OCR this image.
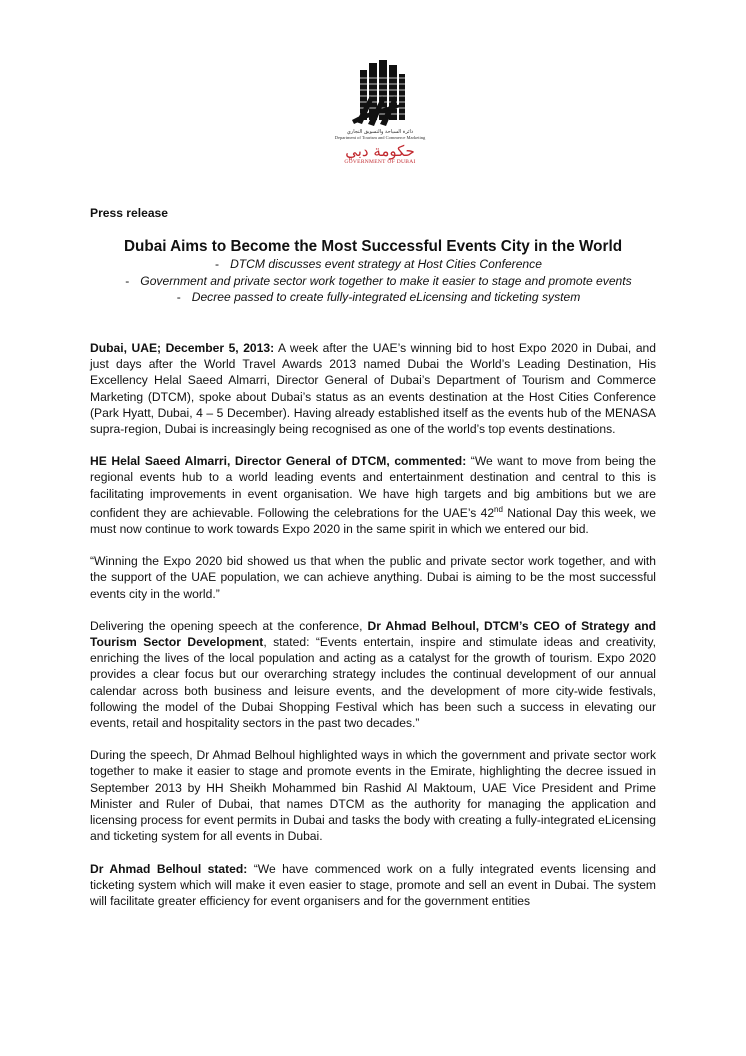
دائرة السياحة والتسويق التجاري
Department of Tourism and Commerce Marketing
حكومة دبي
GOVERNMENT OF DUBAI
Press release
Dubai Aims to Become the Most Successful Events City in the World
- DTCM discusses event strategy at Host Cities Conference
- Government and private sector work together to make it easier to stage and promote events
- Decree passed to create fully-integrated eLicensing and ticketing system

Dubai, UAE; December 5, 2013: A week after the UAE’s winning bid to host Expo 2020 in Dubai, and just days after the World Travel Awards 2013 named Dubai the World’s Leading Destination, His Excellency Helal Saeed Almarri, Director General of Dubai’s Department of Tourism and Commerce Marketing (DTCM), spoke about Dubai’s status as an events destination at the Host Cities Conference (Park Hyatt, Dubai, 4 – 5 December). Having already established itself as the events hub of the MENASA supra-region, Dubai is increasingly being recognised as one of the world’s top events destinations.

HE Helal Saeed Almarri, Director General of DTCM, commented: “We want to move from being the regional events hub to a world leading events and entertainment destination and central to this is facilitating improvements in event organisation. We have high targets and big ambitions but we are confident they are achievable. Following the celebrations for the UAE’s 42nd National Day this week, we must now continue to work towards Expo 2020 in the same spirit in which we entered our bid.

“Winning the Expo 2020 bid showed us that when the public and private sector work together, and with the support of the UAE population, we can achieve anything. Dubai is aiming to be the most successful events city in the world.”

Delivering the opening speech at the conference, Dr Ahmad Belhoul, DTCM’s CEO of Strategy and Tourism Sector Development, stated: “Events entertain, inspire and stimulate ideas and creativity, enriching the lives of the local population and acting as a catalyst for the growth of tourism. Expo 2020 provides a clear focus but our overarching strategy includes the continual development of our annual calendar across both business and leisure events, and the development of more city-wide festivals, following the model of the Dubai Shopping Festival which has been such a success in elevating our events, retail and hospitality sectors in the past two decades.”

During the speech, Dr Ahmad Belhoul highlighted ways in which the government and private sector work together to make it easier to stage and promote events in the Emirate, highlighting the decree issued in September 2013 by HH Sheikh Mohammed bin Rashid Al Maktoum, UAE Vice President and Prime Minister and Ruler of Dubai, that names DTCM as the authority for managing the application and licensing process for event permits in Dubai and tasks the body with creating a fully-integrated eLicensing and ticketing system for all events in Dubai.

Dr Ahmad Belhoul stated: “We have commenced work on a fully integrated events licensing and ticketing system which will make it even easier to stage, promote and sell an event in Dubai. The system will facilitate greater efficiency for event organisers and for the government entities
